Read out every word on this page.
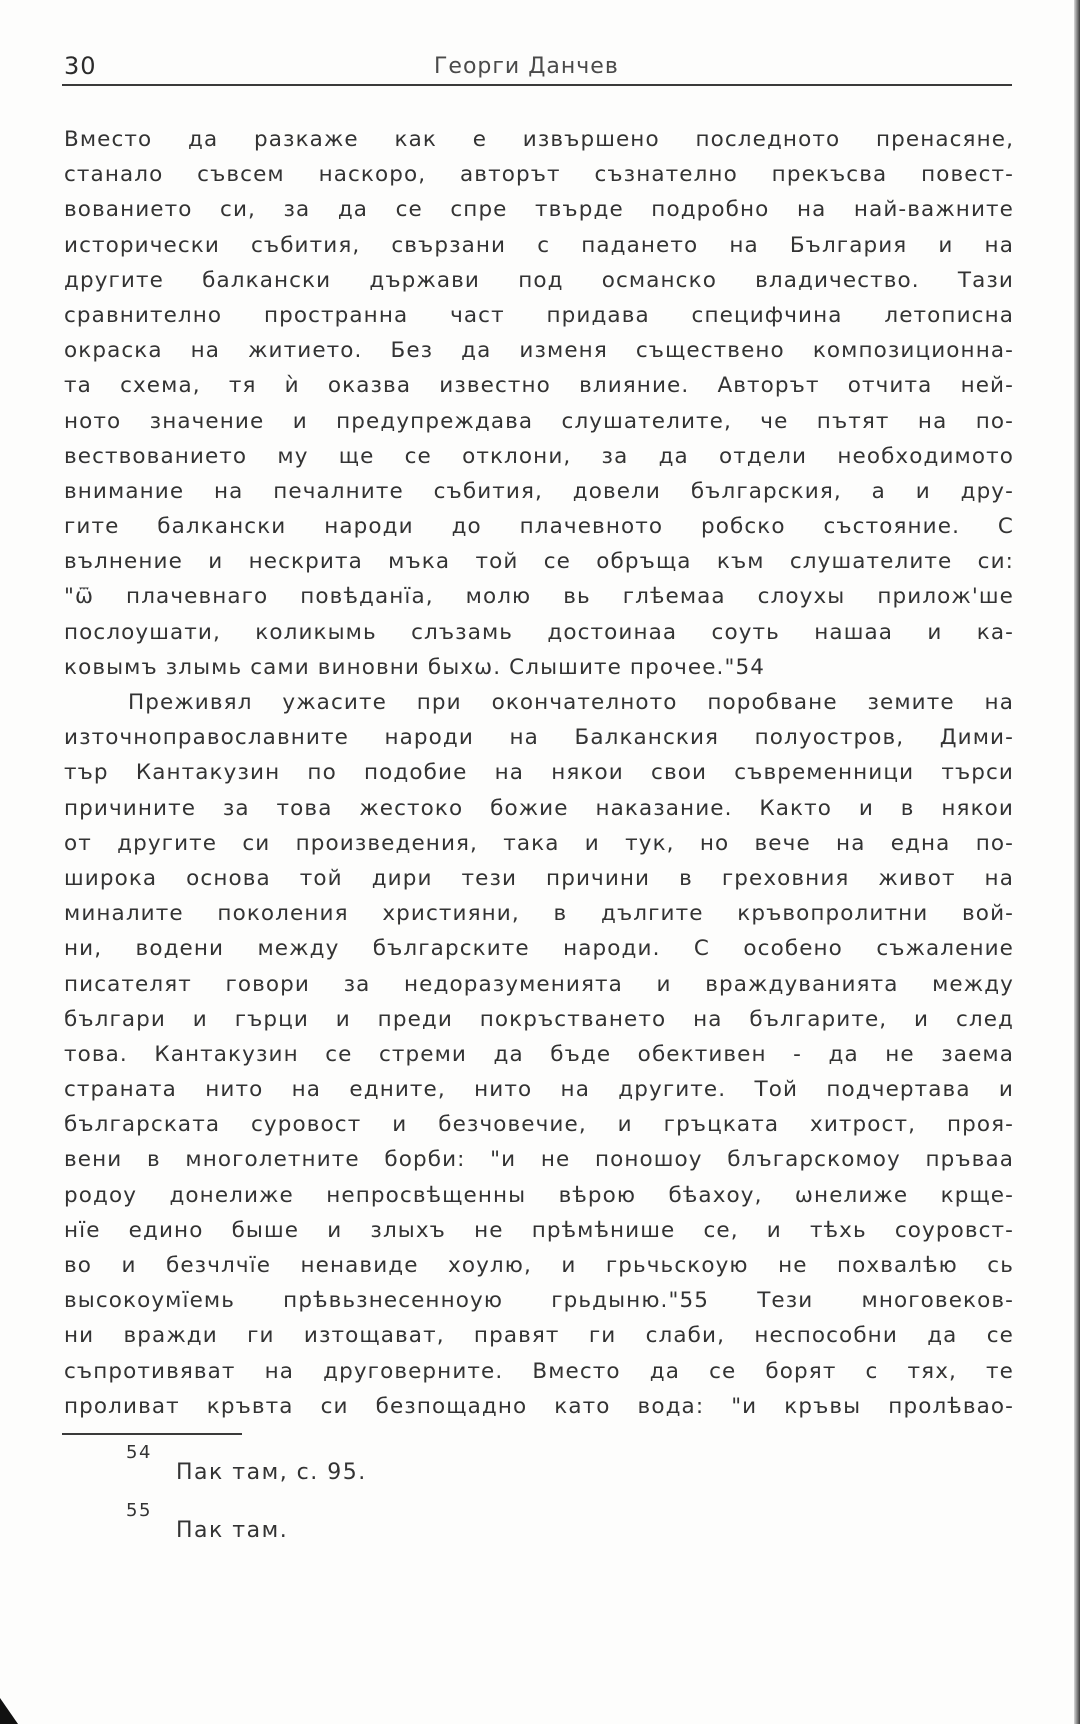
30	Георги Данчев
Вместо да разкаже как е извършено последното пренасяне,
станало съвсем наскоро, авторът съзнателно прекъсва повест-
вованието си, за да се спре твърде подробно на най-важните
исторически събития, свързани с падането на България и на
другите балкански държави под османско владичество. Тази
сравнително пространна част придава специфчина летописна
окраска на житието. Без да изменя съществено композиционна-
та схема, тя ѝ оказва известно влияние. Авторът отчита ней-
ното значение и предупреждава слушателите, че пътят на по-
вествованието му ще се отклони, за да отдели необходимото
внимание на печалните събития, довели българския, а и дру-
гите балкански народи до плачевното робско състояние. С
вълнение и нескрита мъка той се обръща към слушателите си:
"ѿ плачевнаго повѣданїа, молю вь глѣемаа слоухы прилож'ше
послоушати, коликымь слъзамь достоинаа соуть нашаа и ка-
ковымъ злымь сами виновни быхѡ. Слышите прочее."54
Преживял ужасите при окончателното поробване земите на
източноправославните народи на Балканския полуостров, Дими-
тър Кантакузин по подобие на някои свои съвременници търси
причините за това жестоко божие наказание. Както и в някои
от другите си произведения, така и тук, но вече на една по-
широка основа той дири тези причини в греховния живот на
миналите поколения християни, в дългите кръвопролитни вой-
ни, водени между българските народи. С особено съжаление
писателят говори за недоразуменията и враждуванията между
българи и гърци и преди покръстването на българите, и след
това. Кантакузин се стреми да бъде обективен - да не заема
страната нито на едните, нито на другите. Той подчертава и
българската суровост и безчовечие, и гръцката хитрост, проя-
вени в многолетните борби: "и не поношоу блъгарскомоу пръваа
родоу донелиже непросвѣщенны вѣрою бѣахоу, ѡнелиже крще-
нїе единo быше и злыхъ не прѣмѣнише се, и тѣхь соуровст-
во и безчлчїе ненавиде хоулю, и грьчьскоую не похвалѣю сь
высокоумїемь прѣвьзнесенноую грьдыню."55 Тези многовеков-
ни вражди ги изтощават, правят ги слаби, неспособни да се
съпротивяват на друговерните. Вместо да се борят с тях, те
проливат кръвта си безпощадно като вода: "и кръвы пролѣвао-
54
Пак там, с. 95.
55
Пак там.
